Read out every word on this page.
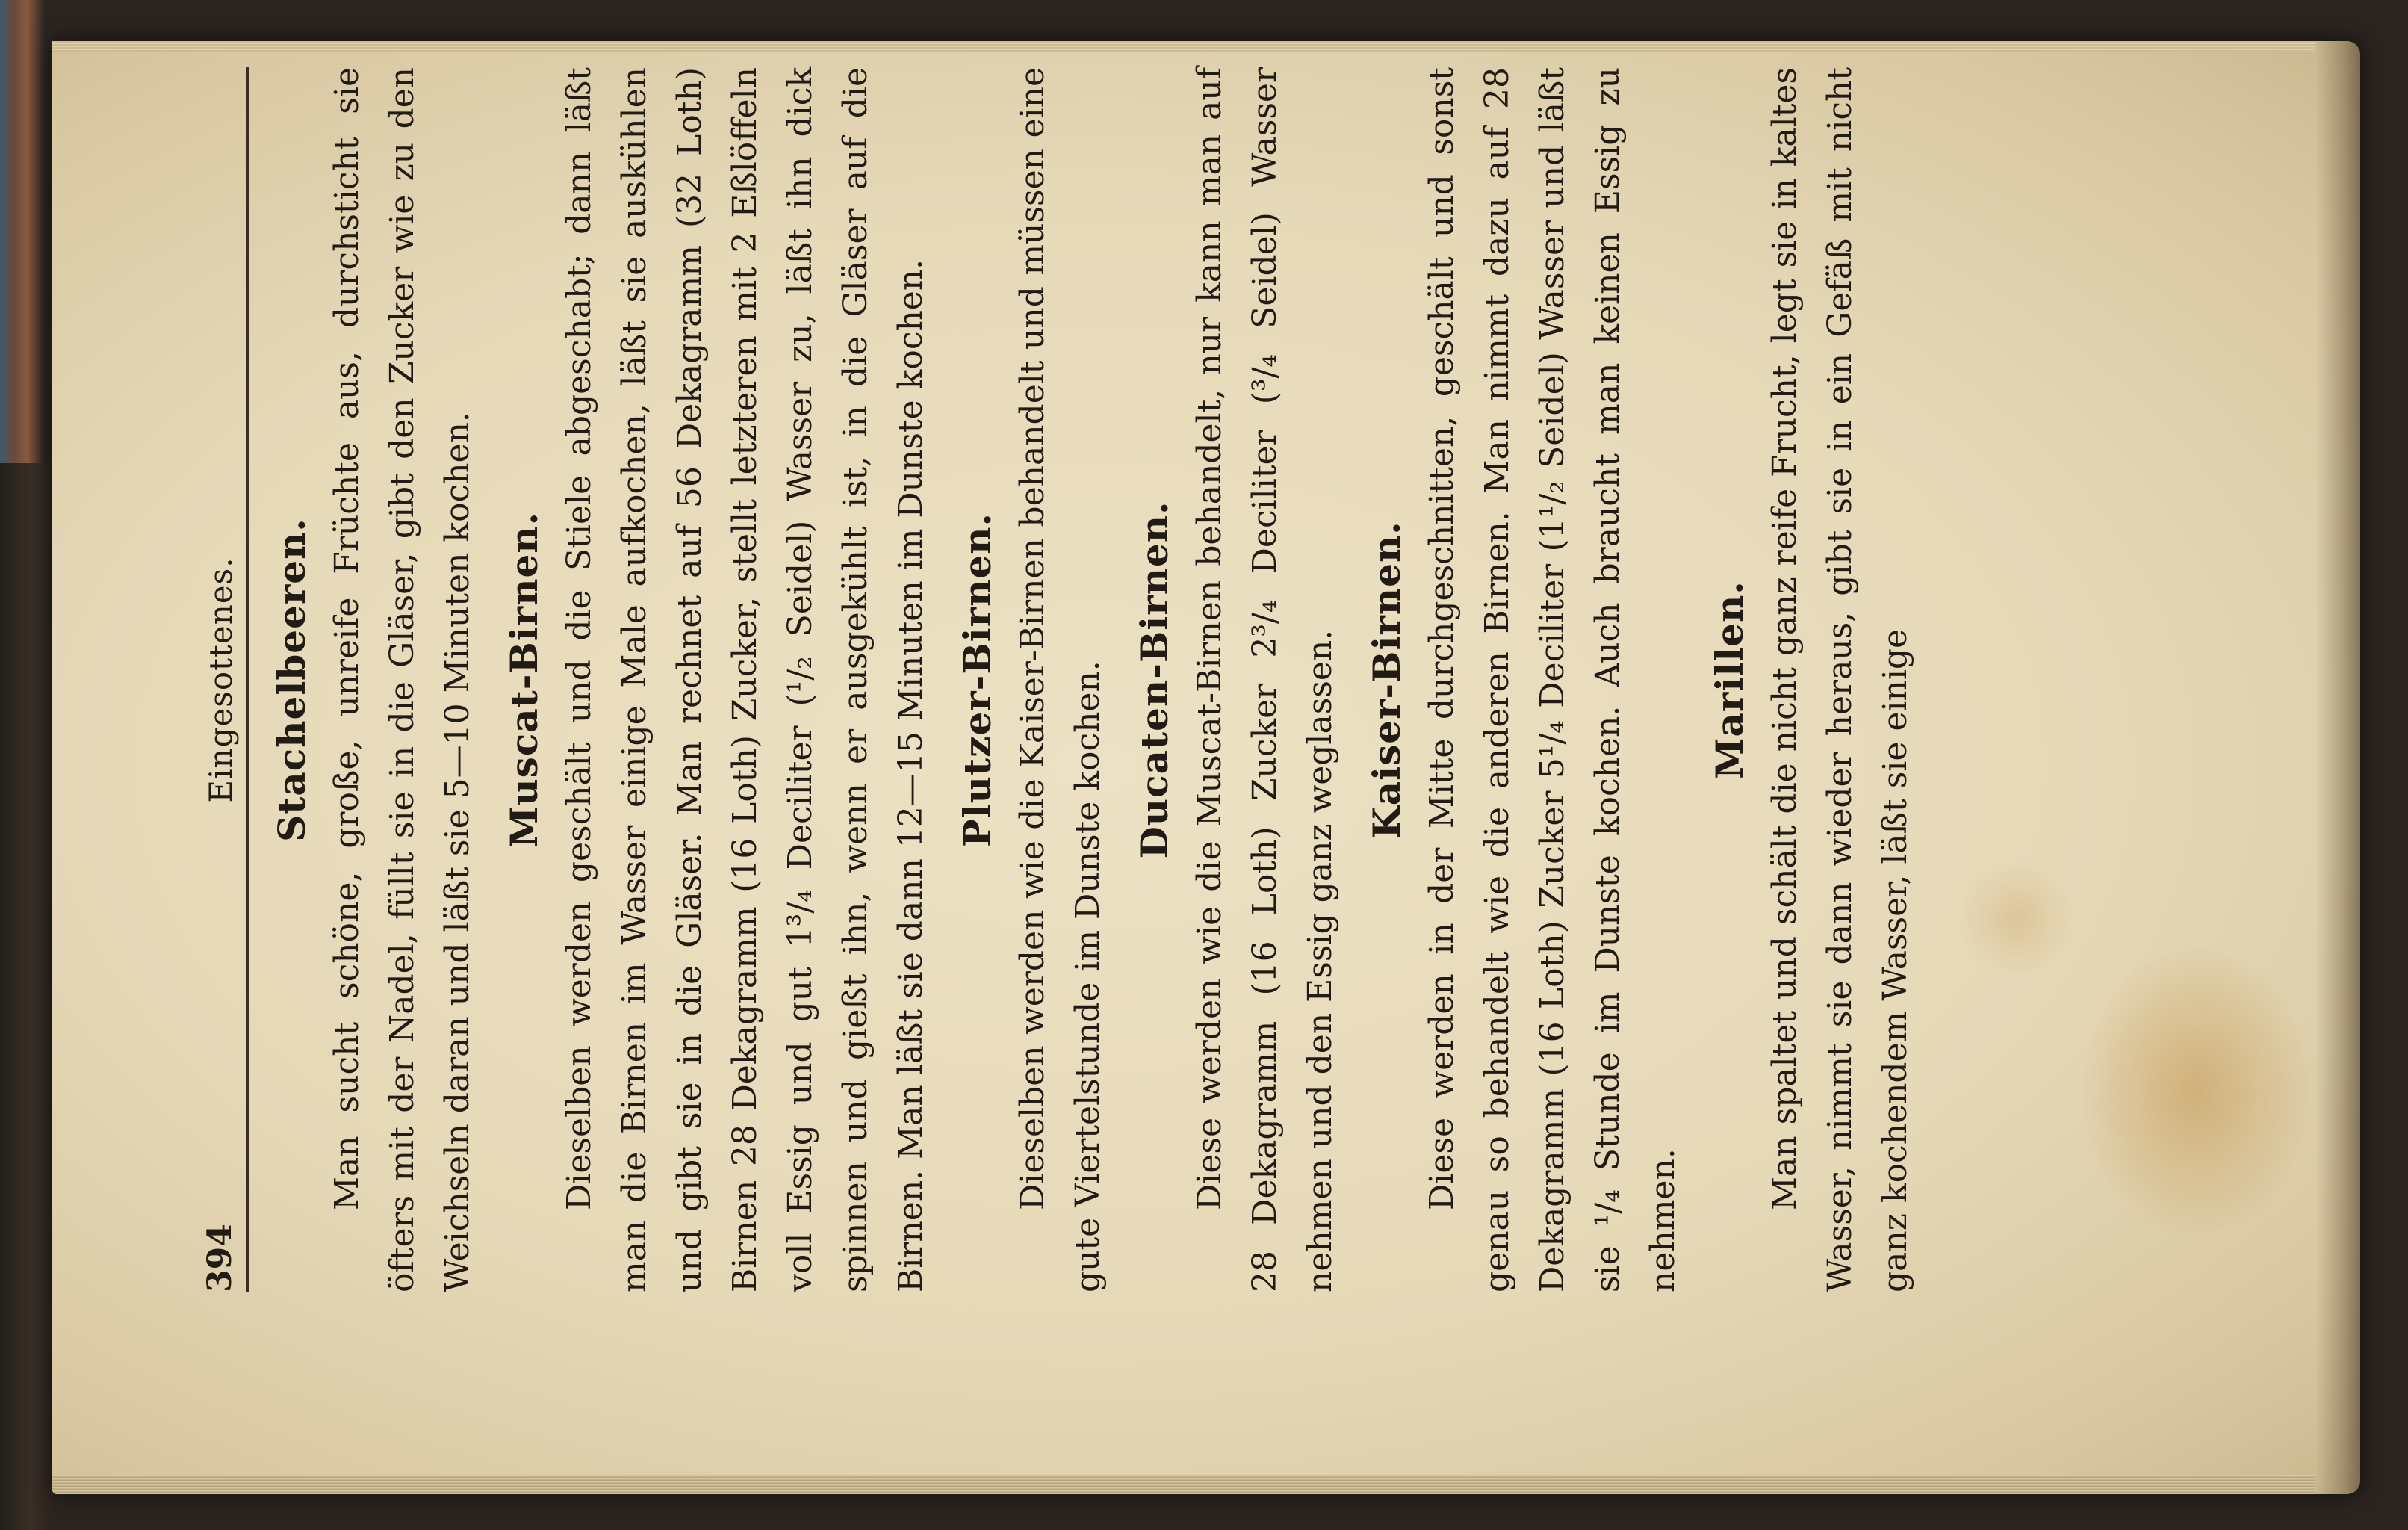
394
Eingesottenes. Stachelbeeren. Man sucht schöne, große, unreife Früchte aus, durchsticht sie öfters mit der Nadel, füllt sie in die Gläser, gibt den Zucker wie zu den Weichseln daran und läßt sie 5—10 Minuten kochen. Muscat-Birnen. Dieselben werden geschält und die Stiele abgeschabt; dann läßt man die Birnen im Wasser einige Male aufkochen, läßt sie auskühlen und gibt sie in die Gläser. Man rechnet auf 56 Dekagramm (32 Loth) Birnen 28 Dekagramm (16 Loth) Zucker, stellt letzteren mit 2 Eßlöffeln voll Essig und gut 1³/₄ Deciliter (¹/₂ Seidel) Wasser zu, läßt ihn dick spinnen und gießt ihn, wenn er ausgekühlt ist, in die Gläser auf die Birnen. Man läßt sie dann 12—15 Minuten im Dunste kochen. Plutzer-Birnen. Dieselben werden wie die Kaiser-Birnen behandelt und müssen eine gute Viertelstunde im Dunste kochen. Ducaten-Birnen. Diese werden wie die Muscat-Birnen behandelt, nur kann man auf 28 Dekagramm (16 Loth) Zucker 2³/₄ Deciliter (³/₄ Seidel) Wasser nehmen und den Essig ganz weglassen. Kaiser-Birnen. Diese werden in der Mitte durchgeschnitten, geschält und sonst genau so behandelt wie die anderen Birnen. Man nimmt dazu auf 28 Dekagramm (16 Loth) Zucker 5¹/₄ Deciliter (1¹/₂ Seidel) Wasser und läßt sie ¹/₄ Stunde im Dunste kochen. Auch braucht man keinen Essig zu nehmen.

Marillen. Man spaltet und schält die nicht ganz reife Frucht, legt sie in kaltes Wasser, nimmt sie dann wieder heraus, gibt sie in ein Gefäß mit nicht ganz kochendem Wasser, läßt sie einige
